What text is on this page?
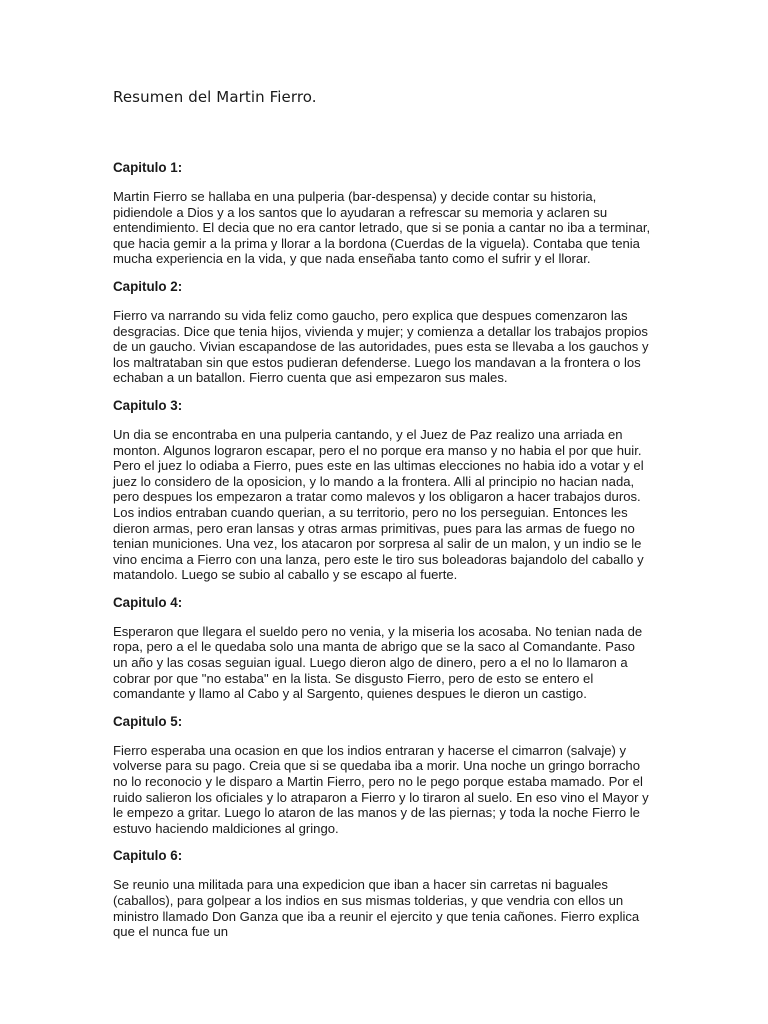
Resumen del Martin Fierro.
Capitulo 1:

Martin Fierro se hallaba en una pulperia (bar-despensa) y decide contar su historia, pidiendole a Dios y a los santos que lo ayudaran a refrescar su memoria y aclaren su entendimiento. El decia que no era cantor letrado, que si se ponia a cantar no iba a terminar, que hacia gemir a la prima y llorar a la bordona (Cuerdas de la viguela). Contaba que tenia mucha experiencia en la vida, y que nada enseñaba tanto como el sufrir y el llorar.

Capitulo 2:

Fierro va narrando su vida feliz como gaucho, pero explica que despues comenzaron las desgracias. Dice que tenia hijos, vivienda y mujer; y comienza a detallar los trabajos propios de un gaucho. Vivian escapandose de las autoridades, pues esta se llevaba a los gauchos y los maltrataban sin que estos pudieran defenderse. Luego los mandavan a la frontera o los echaban a un batallon. Fierro cuenta que asi empezaron sus males.

Capitulo 3:

Un dia se encontraba en una pulperia cantando, y el Juez de Paz realizo una arriada en monton. Algunos lograron escapar, pero el no porque era manso y no habia el por que huir. Pero el juez lo odiaba a Fierro, pues este en las ultimas elecciones no habia ido a votar y el juez lo considero de la oposicion, y lo mando a la frontera. Alli al principio no hacian nada, pero despues los empezaron a tratar como malevos y los obligaron a hacer trabajos duros. Los indios entraban cuando querian, a su territorio, pero no los perseguian. Entonces les dieron armas, pero eran lansas y otras armas primitivas, pues para las armas de fuego no tenian municiones. Una vez, los atacaron por sorpresa al salir de un malon, y un indio se le vino encima a Fierro con una lanza, pero este le tiro sus boleadoras bajandolo del caballo y matandolo. Luego se subio al caballo y se escapo al fuerte.

Capitulo 4:

Esperaron que llegara el sueldo pero no venia, y la miseria los acosaba. No tenian nada de ropa, pero a el le quedaba solo una manta de abrigo que se la saco al Comandante. Paso un año y las cosas seguian igual. Luego dieron algo de dinero, pero a el no lo llamaron a cobrar por que "no estaba" en la lista. Se disgusto Fierro, pero de esto se entero el comandante y llamo al Cabo y al Sargento, quienes despues le dieron un castigo.

Capitulo 5:

Fierro esperaba una ocasion en que los indios entraran y hacerse el cimarron (salvaje) y volverse para su pago. Creia que si se quedaba iba a morir. Una noche un gringo borracho no lo reconocio y le disparo a Martin Fierro, pero no le pego porque estaba mamado. Por el ruido salieron los oficiales y lo atraparon a Fierro y lo tiraron al suelo. En eso vino el Mayor y le empezo a gritar. Luego lo ataron de las manos y de las piernas; y toda la noche Fierro le estuvo haciendo maldiciones al gringo.

Capitulo 6:

Se reunio una militada para una expedicion que iban a hacer sin carretas ni baguales (caballos), para golpear a los indios en sus mismas tolderias, y que vendria con ellos un ministro llamado Don Ganza que iba a reunir el ejercito y que tenia cañones. Fierro explica que el nunca fue un
